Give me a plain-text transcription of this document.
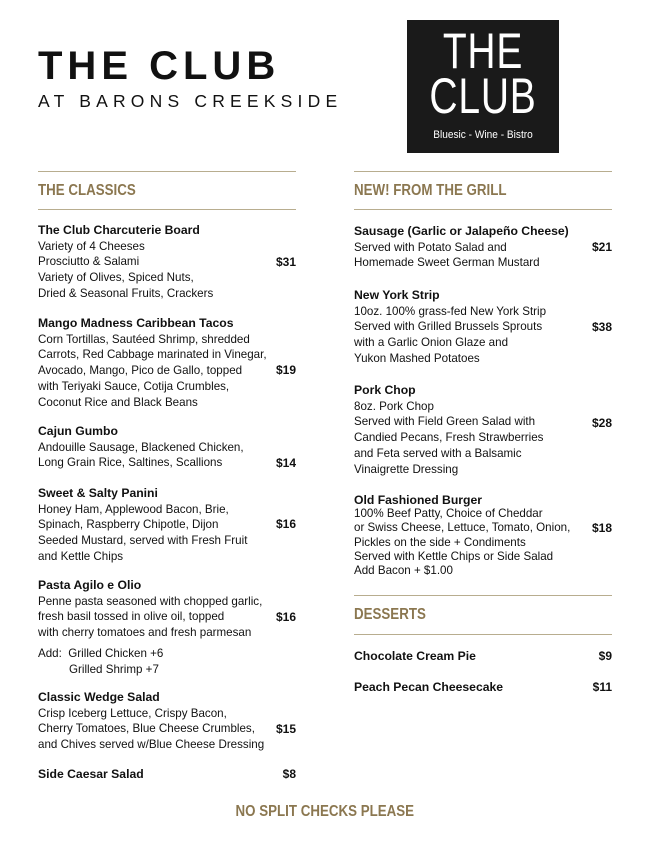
THE CLUB
AT BARONS CREEKSIDE
THE
CLUB
Bluesic - Wine - Bistro
THE CLASSICS
The Club Charcuterie Board
Variety of 4 Cheeses
Prosciutto & Salami
Variety of Olives, Spiced Nuts,
Dried & Seasonal Fruits, Crackers
$31
Mango Madness Caribbean Tacos
Corn Tortillas, Sautéed Shrimp, shredded
Carrots, Red Cabbage marinated in Vinegar,
Avocado, Mango, Pico de Gallo, topped
with Teriyaki Sauce, Cotija Crumbles,
Coconut Rice and Black Beans
$19
Cajun Gumbo
Andouille Sausage, Blackened Chicken,
Long Grain Rice, Saltines, Scallions	$14
Sweet & Salty Panini
Honey Ham, Applewood Bacon, Brie,
Spinach, Raspberry Chipotle, Dijon
Seeded Mustard, served with Fresh Fruit
and Kettle Chips
$16
Pasta Agilo e Olio
Penne pasta seasoned with chopped garlic,
fresh basil tossed in olive oil, topped
with cherry tomatoes and fresh parmesan
Add:  Grilled Chicken +6
Grilled Shrimp +7
$16
Classic Wedge Salad
Crisp Iceberg Lettuce, Crispy Bacon,
Cherry Tomatoes, Blue Cheese Crumbles,
and Chives served w/Blue Cheese Dressing
$15
Side Caesar Salad	$8
NEW! FROM THE GRILL
Sausage (Garlic or Jalapeño Cheese)
Served with Potato Salad and
Homemade Sweet German Mustard
$21
New York Strip
10oz. 100% grass-fed New York Strip
Served with Grilled Brussels Sprouts
with a Garlic Onion Glaze and
Yukon Mashed Potatoes
$38
Pork Chop
8oz. Pork Chop
Served with Field Green Salad with
Candied Pecans, Fresh Strawberries
and Feta served with a Balsamic
Vinaigrette Dressing
$28
Old Fashioned Burger
100% Beef Patty, Choice of Cheddar
or Swiss Cheese, Lettuce, Tomato, Onion,
Pickles on the side + Condiments
Served with Kettle Chips or Side Salad
Add Bacon + $1.00
$18
DESSERTS
Chocolate Cream Pie	$9
Peach Pecan Cheesecake	$11
NO SPLIT CHECKS PLEASE
